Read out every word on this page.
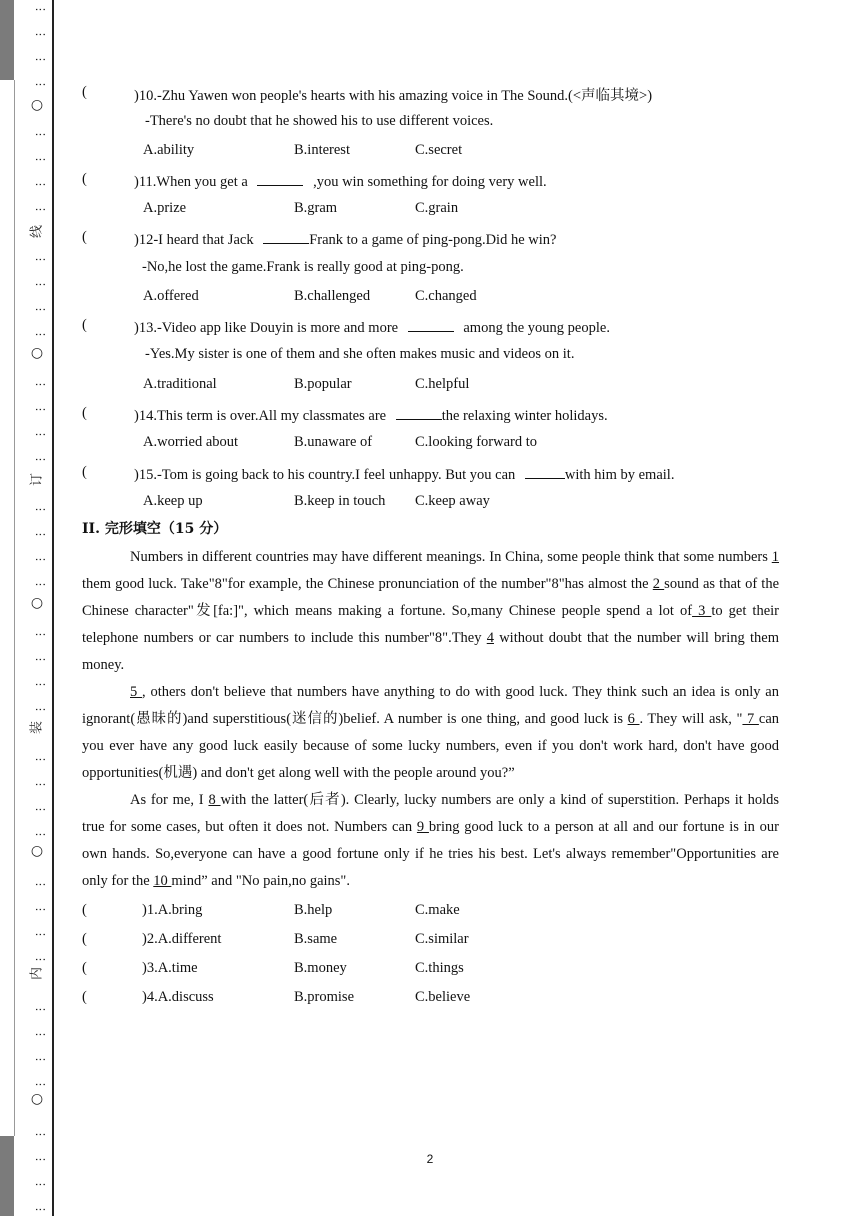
⋮
⋮
⋮
⋮
⋮
⋮
⋮
⋮
⋮
⋮
⋮
⋮
⋮
⋮
⋮
⋮
⋮
⋮
⋮
⋮
⋮
⋮
⋮
⋮
⋮
⋮
⋮
⋮
⋮
⋮
⋮
⋮
⋮
⋮
⋮
⋮
⋮
⋮
⋮
⋮
○
线
○
订
○
装
○
内
○
(	)10.-Zhu Yawen won people's hearts with his amazing voice in The Sound.(<声临其境>)
-There's no doubt that he showed his to use different voices.
A.ability	B.interest	C.secret
(	)11.When you get a	,you win something for doing very well.
A.prize	B.gram	C.grain
(	)12-I heard that Jack	Frank to a game of ping-pong.Did he win?
-No,he lost the game.Frank is really good at ping-pong.
A.offered	B.challenged	C.changed
(	)13.-Video app like Douyin is more and more	among the young people.
-Yes.My sister is one of them and she often makes music and videos on it.
A.traditional	B.popular	C.helpful
(	)14.This term is over.All my classmates are	the relaxing winter holidays.
A.worried about	B.unaware of	C.looking forward to
(	)15.-Tom is going back to his country.I feel unhappy. But you can	with him by email.
A.keep up	B.keep in touch C.keep away
II. 完形填空（15 分）
Numbers in different countries may have different meanings. In China, some people think that some numbers 1 them good luck. Take"8"for example, the Chinese pronunciation of the number"8"has almost the 2 sound as that of the Chinese character"发[fa:]", which means making a fortune. So,many Chinese people spend a lot of 3 to get their telephone numbers or car numbers to include this number"8".They 4 without doubt that the number will bring them money.
5 , others don't believe that numbers have anything to do with good luck. They think such an idea is only an ignorant(愚昧的)and superstitious(迷信的)belief. A number is one thing, and good luck is 6 . They will ask, " 7 can you ever have any good luck easily because of some lucky numbers, even if you don't work hard, don't have good opportunities(机遇) and don't get along well with the people around you?”
As for me, I 8 with the latter(后者). Clearly, lucky numbers are only a kind of superstition. Perhaps it holds true for some cases, but often it does not. Numbers can 9 bring good luck to a person at all and our fortune is in our own hands. So,everyone can have a good fortune only if he tries his best. Let's always remember"Opportunities are only for the 10 mind” and "No pain,no gains".
(	)1.A.bring	B.help	C.make
(	)2.A.different	B.same	C.similar
(	)3.A.time	B.money	C.things
(	)4.A.discuss	B.promise	C.believe
2
